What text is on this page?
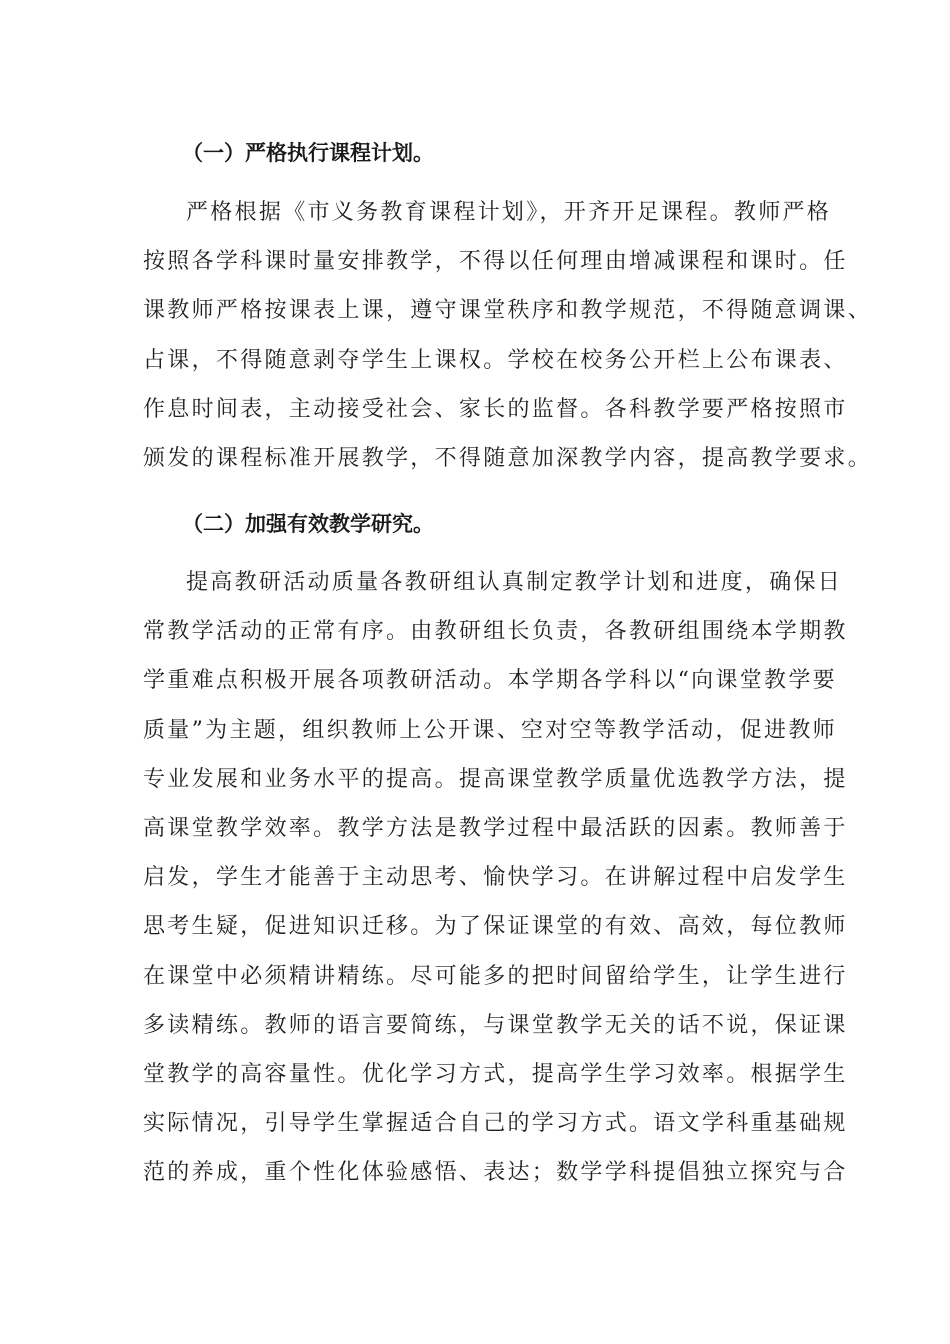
（一）严格执行课程计划。
严格根据《市义务教育课程计划》，开齐开足课程。教师严格
按照各学科课时量安排教学，不得以任何理由增减课程和课时。任
课教师严格按课表上课，遵守课堂秩序和教学规范，不得随意调课、
占课，不得随意剥夺学生上课权。学校在校务公开栏上公布课表、
作息时间表，主动接受社会、家长的监督。各科教学要严格按照市
颁发的课程标准开展教学，不得随意加深教学内容，提高教学要求。
（二）加强有效教学研究。
提高教研活动质量各教研组认真制定教学计划和进度，确保日
常教学活动的正常有序。由教研组长负责，各教研组围绕本学期教
学重难点积极开展各项教研活动。本学期各学科以“向课堂教学要
质量”为主题，组织教师上公开课、空对空等教学活动，促进教师
专业发展和业务水平的提高。提高课堂教学质量优选教学方法，提
高课堂教学效率。教学方法是教学过程中最活跃的因素。教师善于
启发，学生才能善于主动思考、愉快学习。在讲解过程中启发学生
思考生疑，促进知识迁移。为了保证课堂的有效、高效，每位教师
在课堂中必须精讲精练。尽可能多的把时间留给学生，让学生进行
多读精练。教师的语言要简练，与课堂教学无关的话不说，保证课
堂教学的高容量性。优化学习方式，提高学生学习效率。根据学生
实际情况，引导学生掌握适合自己的学习方式。语文学科重基础规
范的养成，重个性化体验感悟、表达；数学学科提倡独立探究与合
